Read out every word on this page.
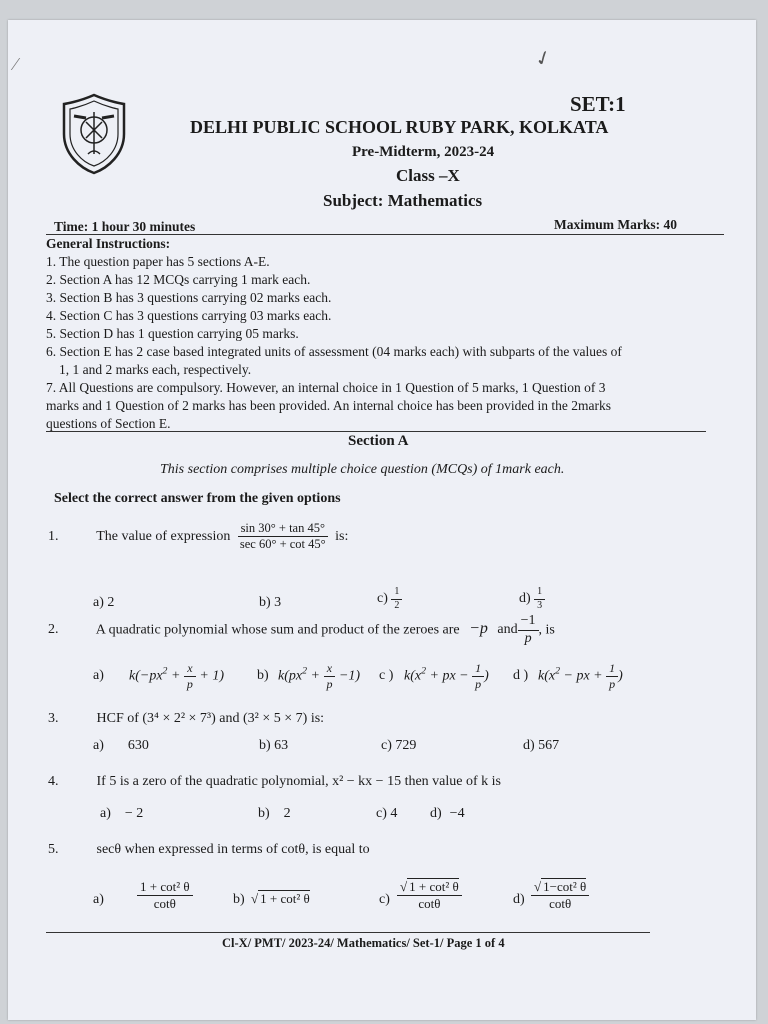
✓
⁄
SET:1
DELHI PUBLIC SCHOOL RUBY PARK, KOLKATA
Pre-Midterm, 2023-24
Class –X
Subject: Mathematics
Time: 1 hour 30 minutes	Maximum Marks: 40
General Instructions:
1. The question paper has 5 sections A-E.
2. Section A has 12 MCQs carrying 1 mark each.
3. Section B has 3 questions carrying 02 marks each.
4. Section C has 3 questions carrying 03 marks each.
5. Section D has 1 question carrying 05 marks.
6. Section E has 2 case based integrated units of assessment (04 marks each) with subparts of the values of
1, 1 and 2 marks each, respectively.
7. All Questions are compulsory. However, an internal choice in 1 Question of 5 marks, 1 Question of 3
marks and 1 Question of 2 marks has been provided. An internal choice has been provided in the 2marks
questions of Section E.
Section A
This section comprises multiple choice question (MCQs) of 1mark each.
Select the correct answer from the given options
1.	The value of expression $\frac{\sin 30^\circ + \tan 45^\circ}{\sec 60^\circ + \cot 45^\circ}$ is:
a) 2	b) 3	$c) \frac{1}{2}$	$d) \frac{1}{3}$
2.	A quadratic polynomial whose sum and product of the zeroes are −p and $\frac{-1}{p}$ , is
a) $k(-px^2 + \frac{x}{p} + 1)$ b) $k(px^2 + \frac{x}{p} -1)$ c ) $k(x^2$ + px − $\frac{1}{p}$ ) d ) $k(x^2$ − px + $\frac{1}{p}$ )
3.	HCF of (3⁴ × 2² × 7³) and (3² × 5 × 7) is:
a) 630	b) 63	c) 729	d) 567
4.	If 5 is a zero of the quadratic polynomial, x² − kx − 15 then value of k is
a) − 2	b) 2	c) 4 d) −4
5.	secθ when expressed in terms of cotθ, is equal to
a)	$\frac{\text{1 + cot² θ}}{\cot\theta}$	b) √ 1 + cot² θ	$c) \frac{\text{√ 1 + cot² θ}}{\cot\theta}$	$d) \frac{\text{√ 1−cot² θ}}{\cot\theta}$
Cl-X/ PMT/ 2023-24/ Mathematics/ Set-1/ Page 1 of 4
